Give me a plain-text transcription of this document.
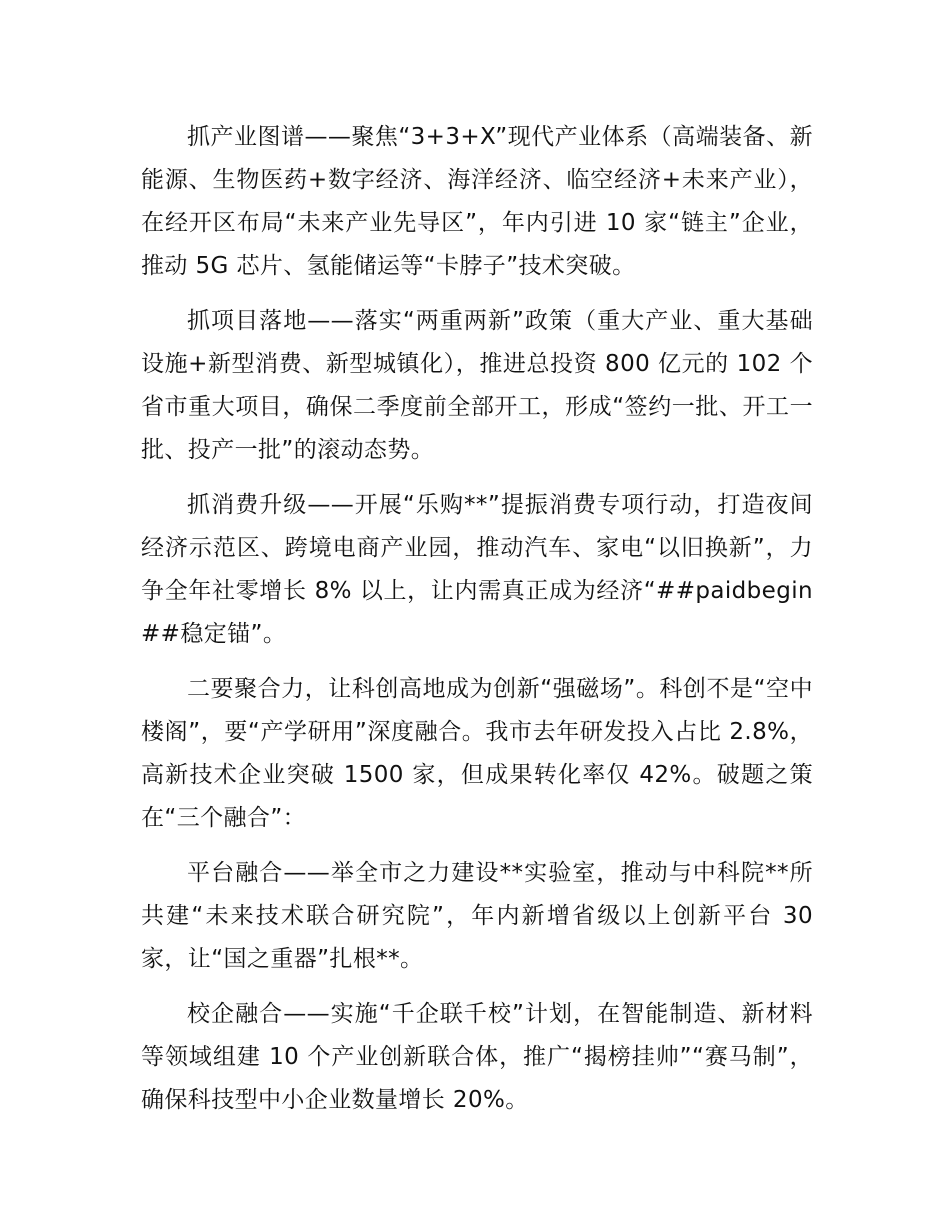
抓产业图谱——聚焦“3+3+X”现代产业体系（高端装备、新能源、生物医药+数字经济、海洋经济、临空经济+未来产业），在经开区布局“未来产业先导区”，年内引进 10 家“链主”企业，推动 5G 芯片、氢能储运等“卡脖子”技术突破。

抓项目落地——落实“两重两新”政策（重大产业、重大基础设施+新型消费、新型城镇化），推进总投资 800 亿元的 102 个省市重大项目，确保二季度前全部开工，形成“签约一批、开工一批、投产一批”的滚动态势。

抓消费升级——开展“乐购**”提振消费专项行动，打造夜间经济示范区、跨境电商产业园，推动汽车、家电“以旧换新”，力争全年社零增长 8% 以上，让内需真正成为经济“##paidbegin##稳定锚”。

二要聚合力，让科创高地成为创新“强磁场”。科创不是“空中楼阁”，要“产学研用”深度融合。我市去年研发投入占比 2.8%，高新技术企业突破 1500 家，但成果转化率仅 42%。破题之策在“三个融合”：

平台融合——举全市之力建设**实验室，推动与中科院**所共建“未来技术联合研究院”，年内新增省级以上创新平台 30 家，让“国之重器”扎根**。

校企融合——实施“千企联千校”计划，在智能制造、新材料等领域组建 10 个产业创新联合体，推广“揭榜挂帅”“赛马制”，确保科技型中小企业数量增长 20%。
